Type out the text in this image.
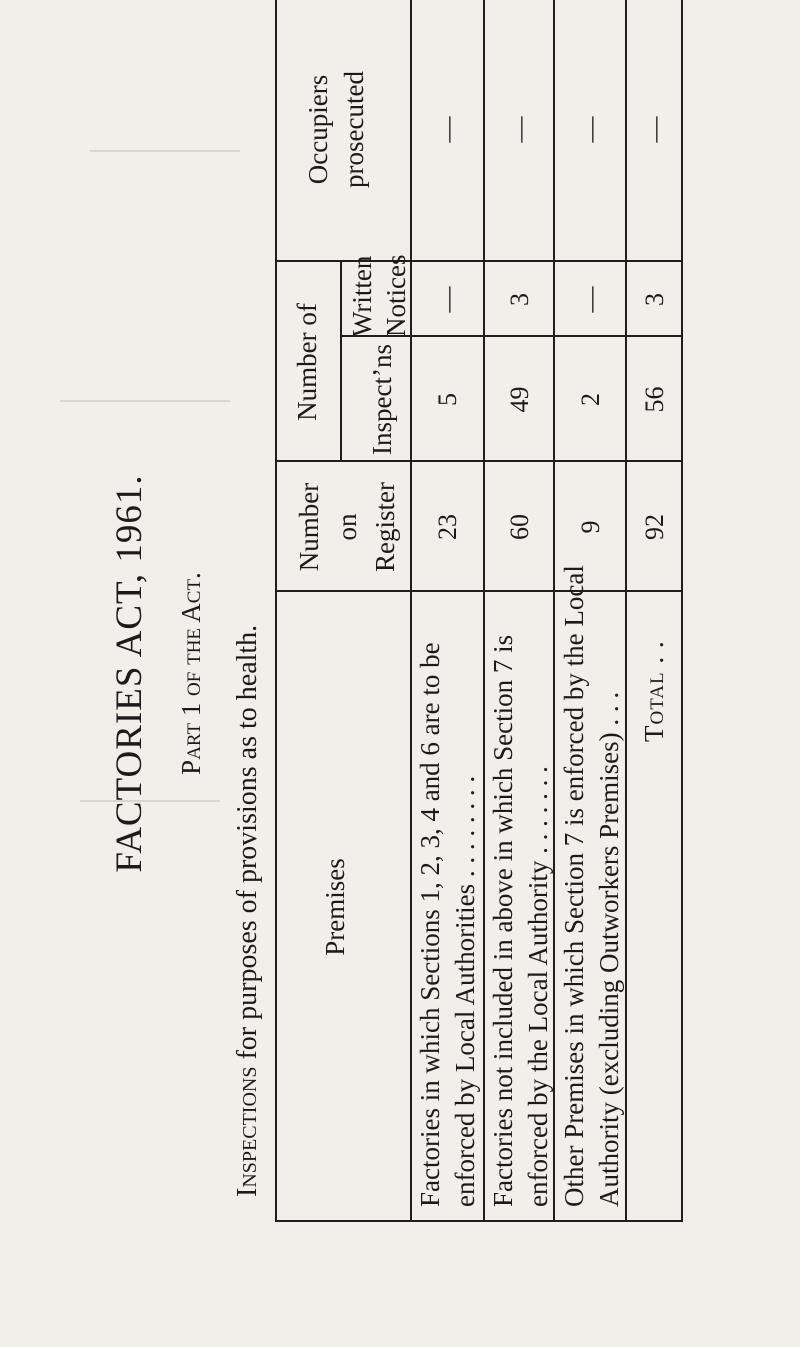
FACTORIES ACT, 1961. Part 1 of the Act.
Inspections for purposes of provisions as to health. Premises
Number on Register
Number of Inspect’ns
Written Notices
Occupiers prosecuted
Factories in which Sections 1, 2, 3, 4 and 6 are to be enforced by Local Authorities . . . . . . . .
23
5
—
—
Factories not included in above in which Section 7 is enforced by the Local Authority . . . . . . .
60
49
3
—
Other Premises in which Section 7 is enforced by the Local Authority (excluding Outworkers Premises) . . .
9
2
—
—
Total . .
92
56
3
—
